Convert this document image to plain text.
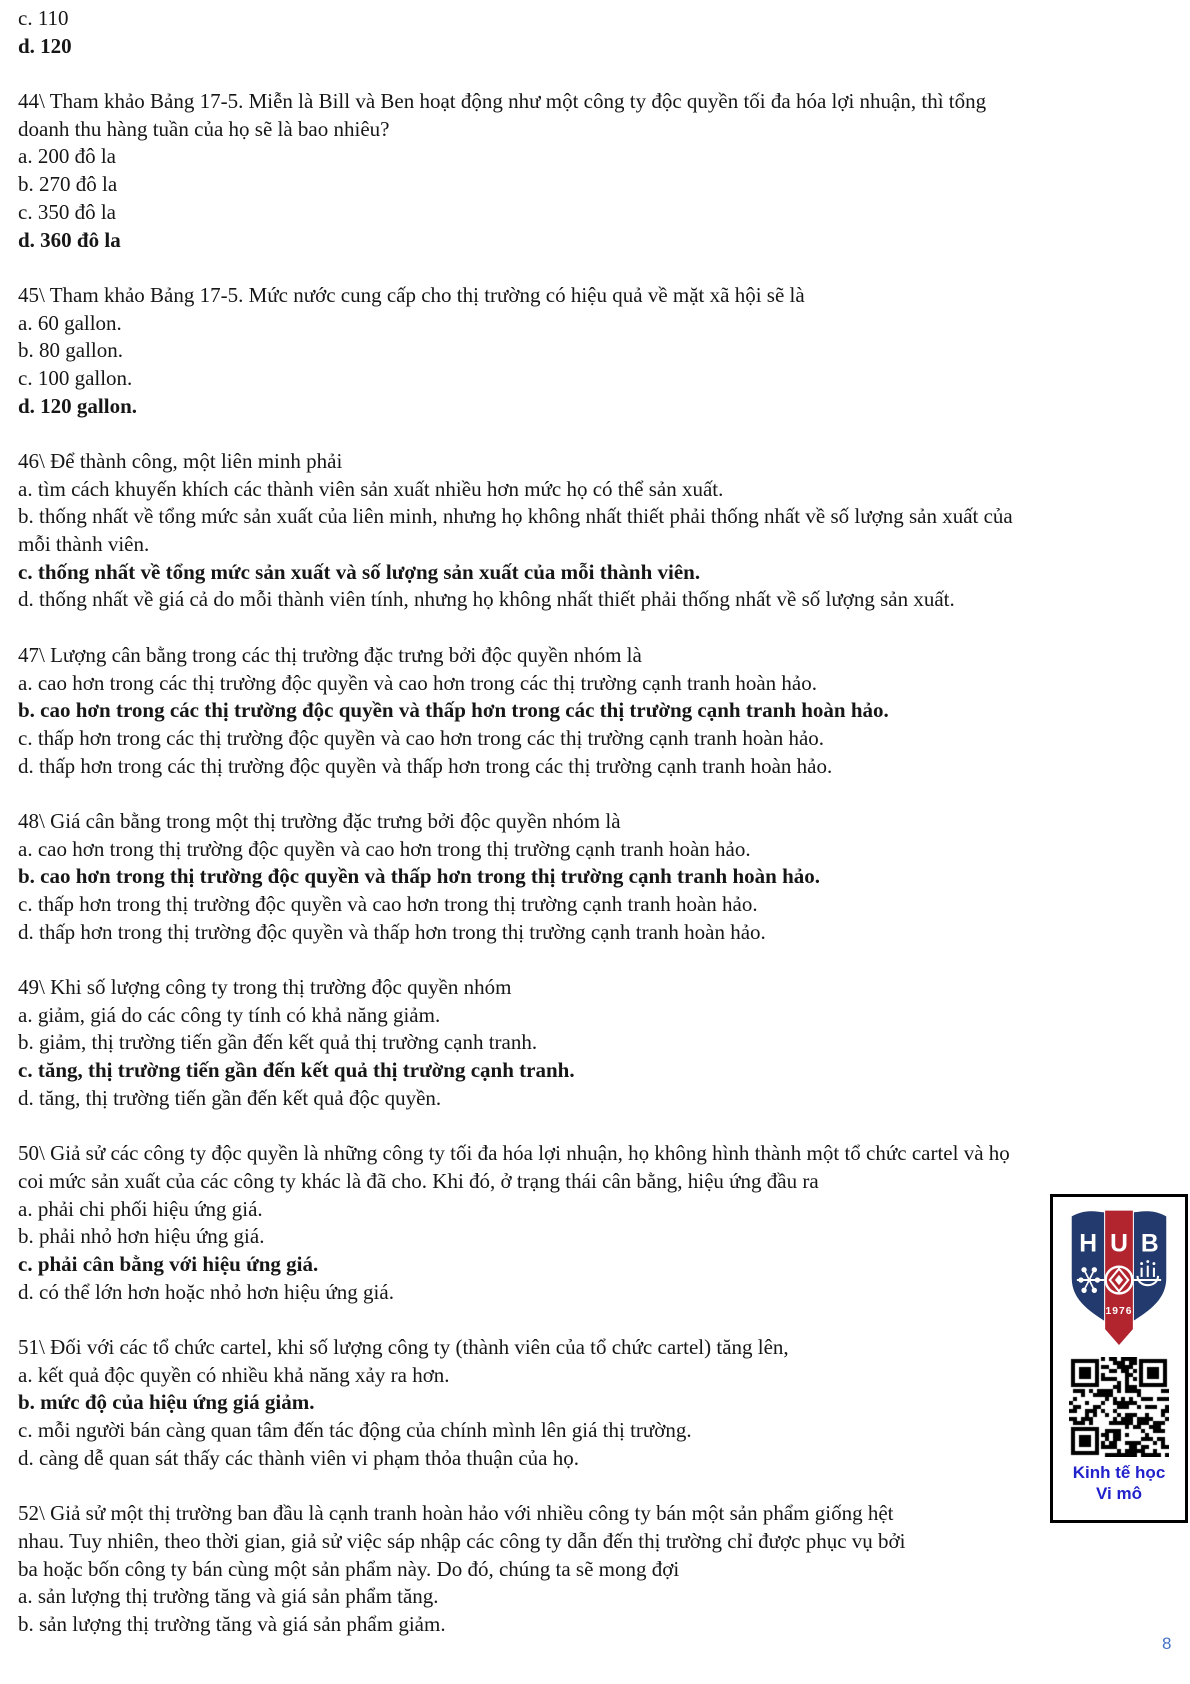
c. 110
d. 120
44\ Tham khảo Bảng 17-5. Miễn là Bill và Ben hoạt động như một công ty độc quyền tối đa hóa lợi nhuận, thì tổng
doanh thu hàng tuần của họ sẽ là bao nhiêu?
a. 200 đô la
b. 270 đô la
c. 350 đô la
d. 360 đô la
45\ Tham khảo Bảng 17-5. Mức nước cung cấp cho thị trường có hiệu quả về mặt xã hội sẽ là
a. 60 gallon.
b. 80 gallon.
c. 100 gallon.
d. 120 gallon.
46\ Để thành công, một liên minh phải
a. tìm cách khuyến khích các thành viên sản xuất nhiều hơn mức họ có thể sản xuất.
b. thống nhất về tổng mức sản xuất của liên minh, nhưng họ không nhất thiết phải thống nhất về số lượng sản xuất của
mỗi thành viên.
c. thống nhất về tổng mức sản xuất và số lượng sản xuất của mỗi thành viên.
d. thống nhất về giá cả do mỗi thành viên tính, nhưng họ không nhất thiết phải thống nhất về số lượng sản xuất.
47\ Lượng cân bằng trong các thị trường đặc trưng bởi độc quyền nhóm là
a. cao hơn trong các thị trường độc quyền và cao hơn trong các thị trường cạnh tranh hoàn hảo.
b. cao hơn trong các thị trường độc quyền và thấp hơn trong các thị trường cạnh tranh hoàn hảo.
c. thấp hơn trong các thị trường độc quyền và cao hơn trong các thị trường cạnh tranh hoàn hảo.
d. thấp hơn trong các thị trường độc quyền và thấp hơn trong các thị trường cạnh tranh hoàn hảo.
48\ Giá cân bằng trong một thị trường đặc trưng bởi độc quyền nhóm là
a. cao hơn trong thị trường độc quyền và cao hơn trong thị trường cạnh tranh hoàn hảo.
b. cao hơn trong thị trường độc quyền và thấp hơn trong thị trường cạnh tranh hoàn hảo.
c. thấp hơn trong thị trường độc quyền và cao hơn trong thị trường cạnh tranh hoàn hảo.
d. thấp hơn trong thị trường độc quyền và thấp hơn trong thị trường cạnh tranh hoàn hảo.
49\ Khi số lượng công ty trong thị trường độc quyền nhóm
a. giảm, giá do các công ty tính có khả năng giảm.
b. giảm, thị trường tiến gần đến kết quả thị trường cạnh tranh.
c. tăng, thị trường tiến gần đến kết quả thị trường cạnh tranh.
d. tăng, thị trường tiến gần đến kết quả độc quyền.
50\ Giả sử các công ty độc quyền là những công ty tối đa hóa lợi nhuận, họ không hình thành một tổ chức cartel và họ
coi mức sản xuất của các công ty khác là đã cho. Khi đó, ở trạng thái cân bằng, hiệu ứng đầu ra
a. phải chi phối hiệu ứng giá.
b. phải nhỏ hơn hiệu ứng giá.
c. phải cân bằng với hiệu ứng giá.
d. có thể lớn hơn hoặc nhỏ hơn hiệu ứng giá.
51\ Đối với các tổ chức cartel, khi số lượng công ty (thành viên của tổ chức cartel) tăng lên,
a. kết quả độc quyền có nhiều khả năng xảy ra hơn.
b. mức độ của hiệu ứng giá giảm.
c. mỗi người bán càng quan tâm đến tác động của chính mình lên giá thị trường.
d. càng dễ quan sát thấy các thành viên vi phạm thỏa thuận của họ.
52\ Giả sử một thị trường ban đầu là cạnh tranh hoàn hảo với nhiều công ty bán một sản phẩm giống hệt
nhau. Tuy nhiên, theo thời gian, giả sử việc sáp nhập các công ty dẫn đến thị trường chỉ được phục vụ bởi
ba hoặc bốn công ty bán cùng một sản phẩm này. Do đó, chúng ta sẽ mong đợi
a. sản lượng thị trường tăng và giá sản phẩm tăng.
b. sản lượng thị trường tăng và giá sản phẩm giảm.
H U B
1976
Kinh tế học
Vi mô
8
